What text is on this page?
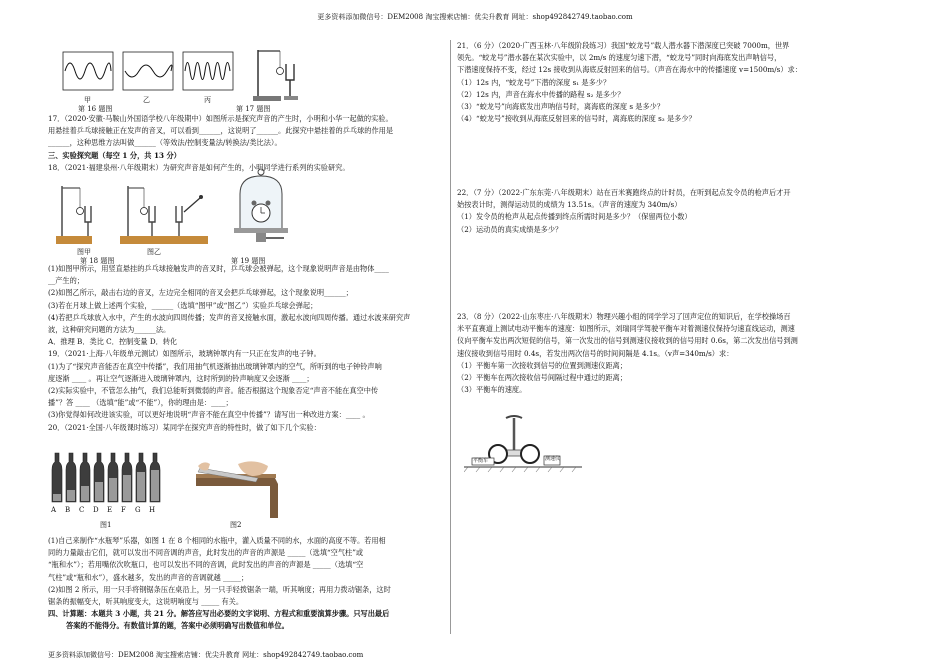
更多资料添加微信号：DEM2008 淘宝搜索店铺：优尖升教育 网址：shop492842749.taobao.com
甲	乙	丙
第 16 题图	第 17 题图

17．（2020·安徽·马鞍山外国语学校八年级期中）如图所示是探究声音的产生时，小明和小华一起做的实验。

用悬挂着乒乓球接触正在发声的音叉，可以看到______，这说明了______。此探究中悬挂着的乒乓球的作用是

______，这种思维方法叫做______（等效法/控制变量法/转换法/类比法）。

三、实验探究题（每空 1 分，共 13 分）

18．（2021·福建泉州·八年级期末）为研究声音是如何产生的，小明同学进行系列的实验研究。

图甲	图乙
第 18 题图	第 19 题图

(1)如图甲所示，用竖直悬挂的乒乓球接触发声的音叉时，乒乓球会被弹起，这个现象说明声音是由物体____

__产生的；

(2)如图乙所示，敲击右边的音叉，左边完全相同的音叉会把乒乓球弹起，这个现象说明______；

(3)若在月球上做上述两个实验，______（选填“图甲”或“图乙”）实验乒乓球会弹起；

(4)若把乒乓球放入水中，产生的水波向四周传播；发声的音叉接触水面，激起水波向四周传播。通过水波来研究声

波，这种研究问题的方法为______法。

A．推理 B．类比 C．控制变量 D．转化

19．（2021·上海·八年级单元测试）如图所示，玻璃钟罩内有一只正在发声的电子钟。

(1)为了“探究声音能否在真空中传播”，我们用抽气机逐渐抽出玻璃钟罩内的空气，所听到的电子钟铃声响

度逐渐 ____ 。再让空气逐渐进入玻璃钟罩内，这时所到的铃声响度又会逐渐 ____；

(2)实际实验中，不管怎么抽气，我们总能听到微弱的声音。能否根据这个现象否定“声音不能在真空中传

播”？答 ____ （选填“能”或“不能”），你的理由是：____；

(3)你觉得如何改进该实验，可以更好地说明“声音不能在真空中传播”？请写出一种改进方案：____ 。

20．（2021·全国·八年级课时练习）某同学在探究声音的特性时，做了如下几个实验：

A B C D E F G H
图1	图2

(1)自己来制作“水瓶琴”乐器，如图 1 在 8 个相同的水瓶中，灌入质量不同的水，水面的高度不等。若用相

同的力量敲击它们，就可以发出不同音调的声音，此时发出的声音的声源是 _____（选填“空气柱”或

“瓶和水”）；若用嘴依次吹瓶口，也可以发出不同的音调，此时发出的声音的声源是 _____（选填“空

气柱”或“瓶和水”），盛水越多，发出的声音的音调就越 _____；

(2)如图 2 所示，用一只手将钢锯条压在桌沿上，另一只手轻拨锯条一端，听其响度；再用力拨动锯条，这时

锯条的振幅变大，听其响度变大，这说明响度与 _____ 有关。

四、计算题：本题共 3 小题，共 21 分。解答应写出必要的文字说明、方程式和重要演算步骤。只写出最后

答案的不能得分。有数值计算的题，答案中必须明确写出数值和单位。

21．（6 分）（2020·广西玉林·八年级阶段练习）我国“蛟龙号”载人潜水器下潜深度已突破 7000m，世界

领先。“蛟龙号”潜水器在某次实验中，以 2m/s 的速度匀速下潜，“蛟龙号”同时向海底发出声呐信号，

下潜速度保持不变，经过 12s 接收到从海底反射回来的信号。（声音在海水中的传播速度 v=1500m/s）求：

（1）12s 内，“蛟龙号”下潜的深度 s₁ 是多少？

（2）12s 内，声音在海水中传播的路程 s₂ 是多少？

（3）“蛟龙号”向海底发出声呐信号时，离海底的深度 s 是多少？

（4）“蛟龙号”接收到从海底反射回来的信号时，离海底的深度 s₃ 是多少？

22．（7 分）（2022·广东东莞·八年级期末）站在百米赛跑终点的计时员，在听到起点发令员的枪声后才开

始按表计时，测得运动员的成绩为 13.51s。（声音的速度为 340m/s）

（1）发令员的枪声从起点传播到终点所需时间是多少？（保留两位小数）

（2）运动员的真实成绩是多少？

23．（8 分）（2022·山东枣庄·八年级期末）物理兴趣小组的同学学习了回声定位的知识后，在学校操场百

米平直赛道上测试电动平衡车的速度：如图所示，刘瑞同学驾驶平衡车对着测速仪保持匀速直线运动，测速

仪向平衡车发出两次短促的信号，第一次发出的信号到测速仪接收到的信号用时 0.6s，第二次发出信号到测

速仪接收到信号用时 0.4s，若发出两次信号的时间间隔是 4.1s。（v声=340m/s）求：

（1）平衡车第一次接收到信号的位置到测速仪距离；

（2）平衡车在两次接收信号间隔过程中通过的距离；

（3）平衡车的速度。

平衡车	测速仪
更多资料添加微信号：DEM2008 淘宝搜索店铺：优尖升教育 网址：shop492842749.taobao.com
